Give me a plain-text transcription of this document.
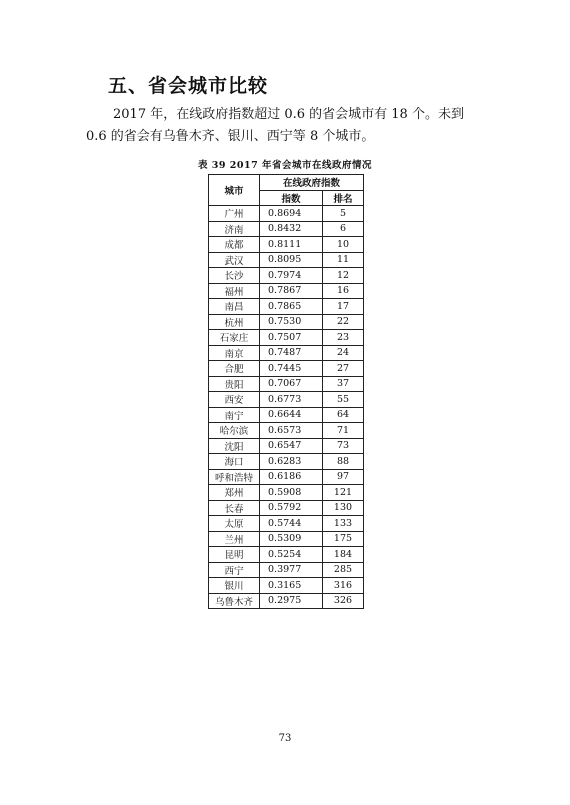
五、省会城市比较

2017 年，在线政府指数超过 0.6 的省会城市有 18 个。未到 0.6 的省会有乌鲁木齐、银川、西宁等 8 个城市。

表 39 2017 年省会城市在线政府情况
城市	在线政府指数	
	指数	排名
广州	0.8694	5
济南	0.8432	6
成都	0.8111	10
武汉	0.8095	11
长沙	0.7974	12
福州	0.7867	16
南昌	0.7865	17
杭州	0.7530	22
石家庄	0.7507	23
南京	0.7487	24
合肥	0.7445	27
贵阳	0.7067	37
西安	0.6773	55
南宁	0.6644	64
哈尔滨	0.6573	71
沈阳	0.6547	73
海口	0.6283	88
呼和浩特	0.6186	97
郑州	0.5908	121
长春	0.5792	130
太原	0.5744	133
兰州	0.5309	175
昆明	0.5254	184
西宁	0.3977	285
银川	0.3165	316
乌鲁木齐	0.2975	326
73
